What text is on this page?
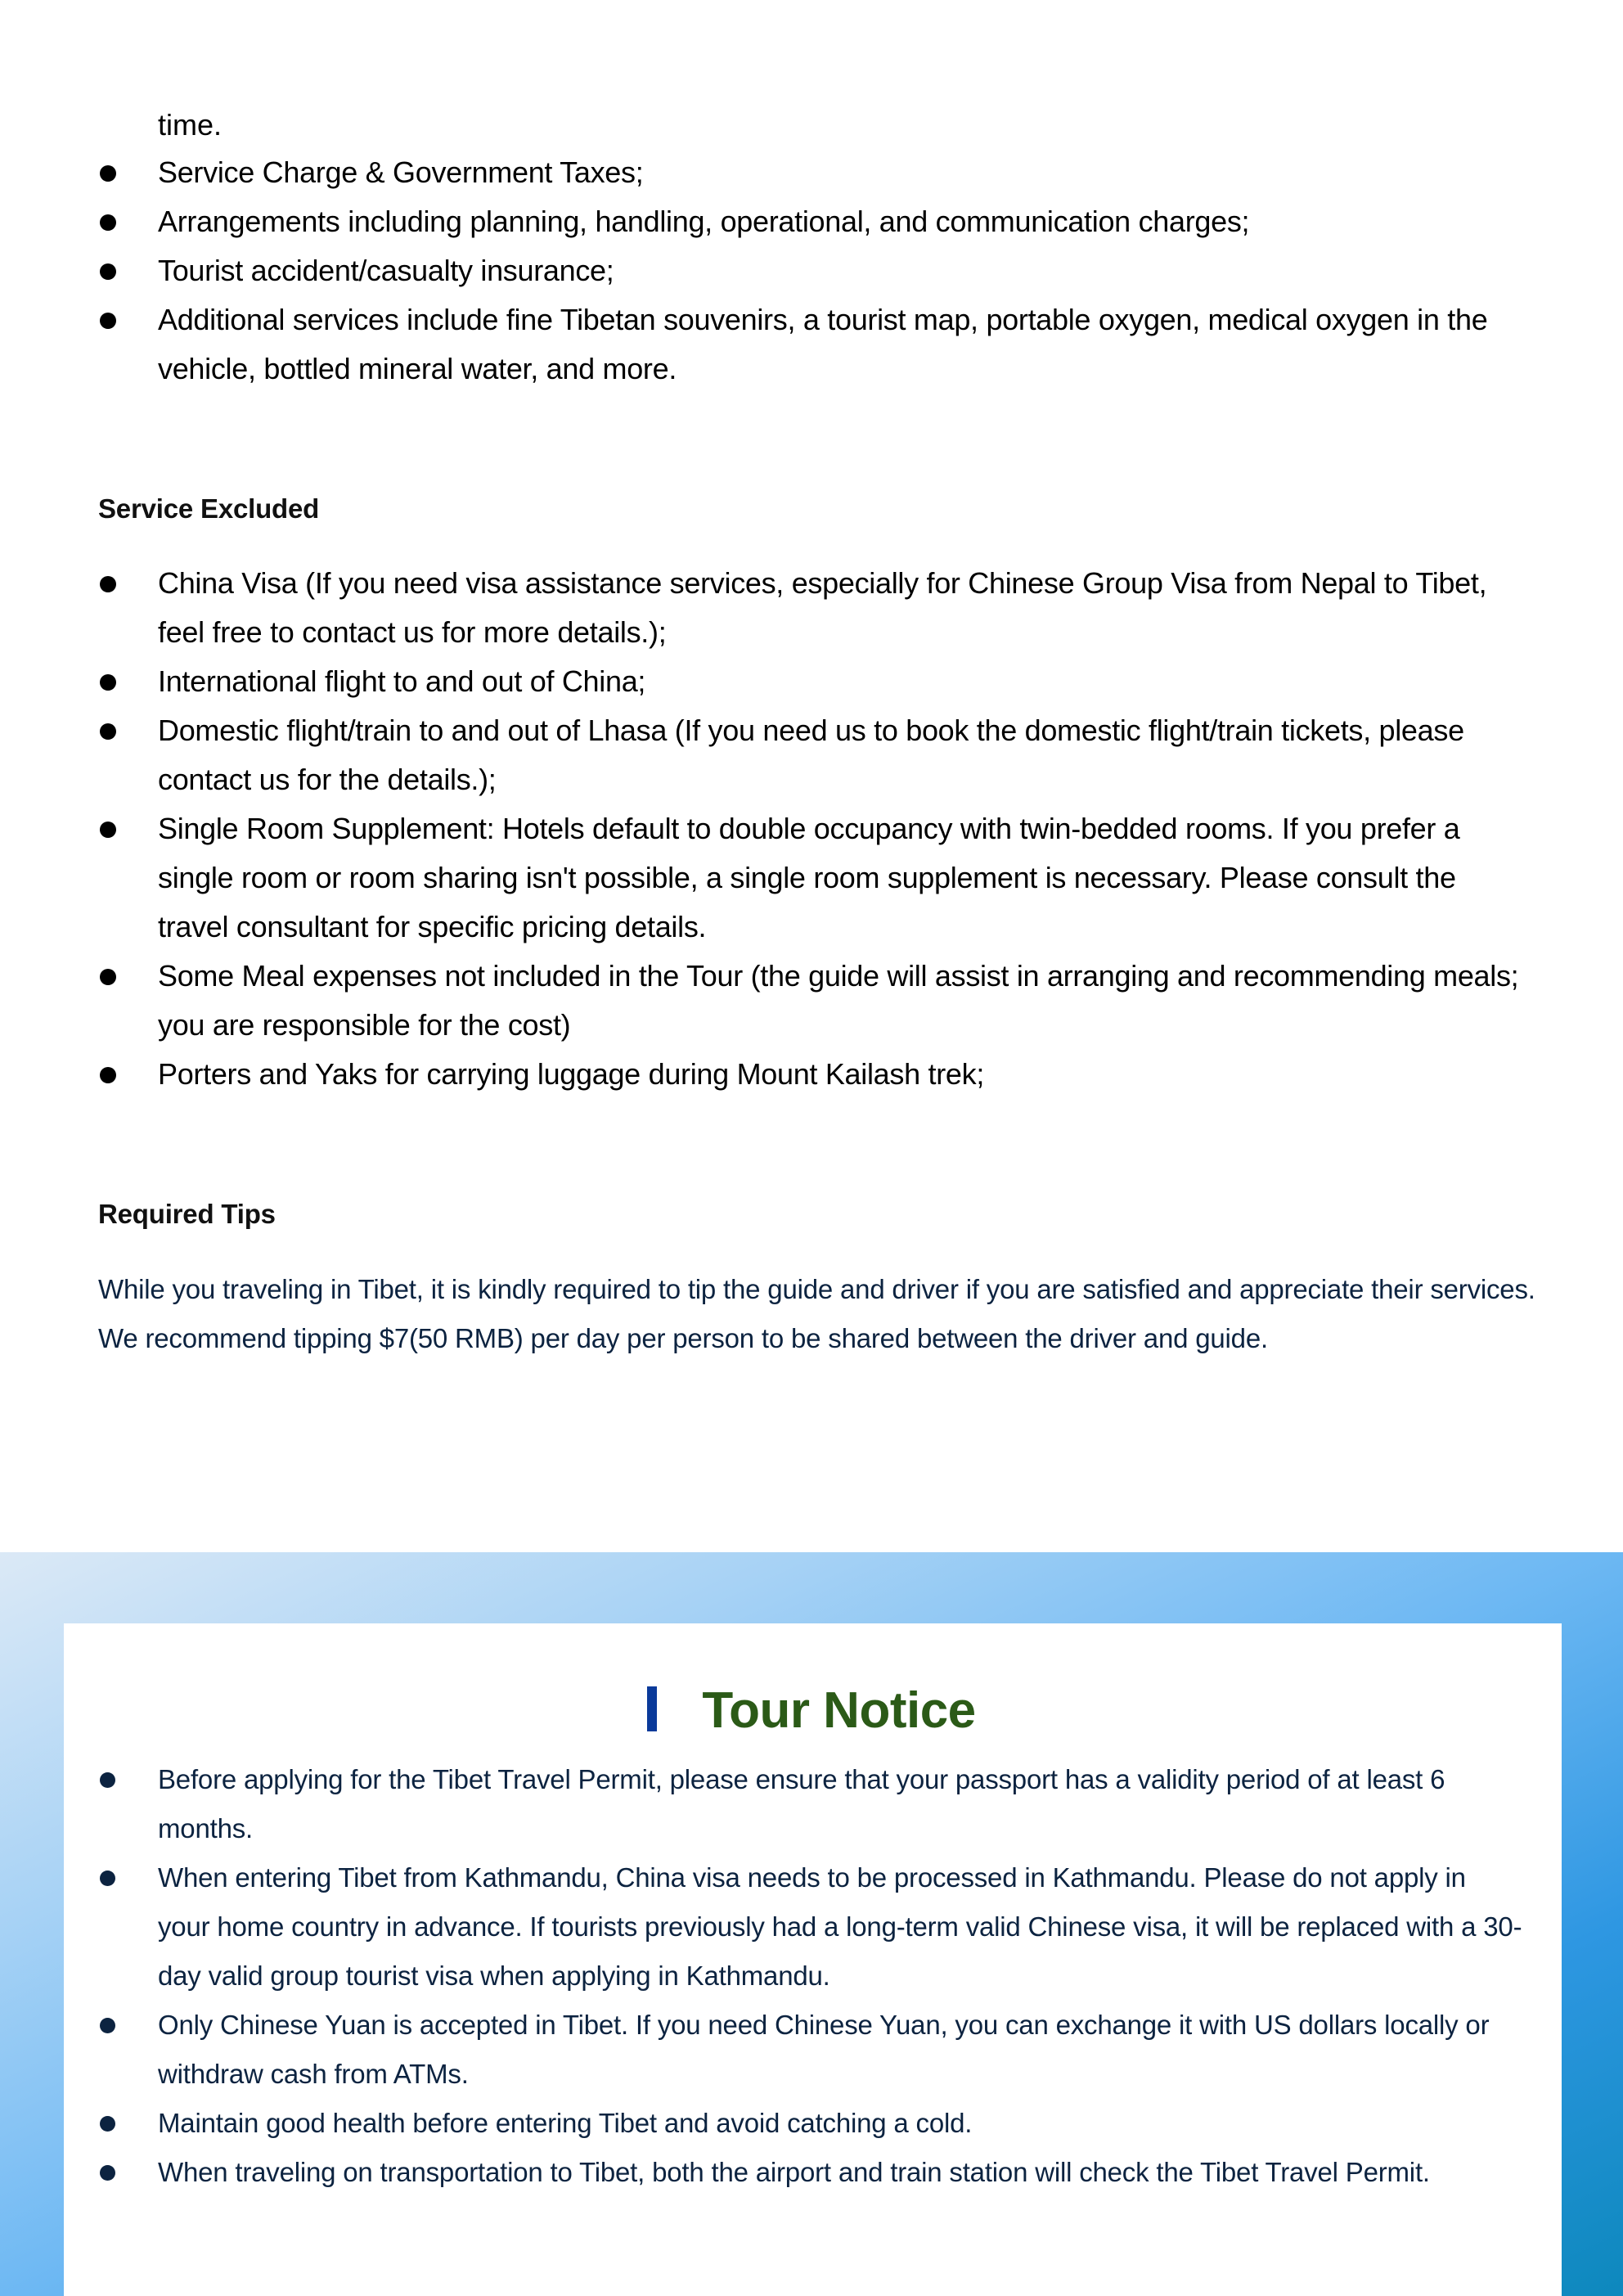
time.
Service Charge & Government Taxes;
Arrangements including planning, handling, operational, and communication charges;
Tourist accident/casualty insurance;
Additional services include fine Tibetan souvenirs, a tourist map, portable oxygen, medical oxygen in the vehicle, bottled mineral water, and more.
Service Excluded
China Visa (If you need visa assistance services, especially for Chinese Group Visa from Nepal to Tibet, feel free to contact us for more details.);
International flight to and out of China;
Domestic flight/train to and out of Lhasa (If you need us to book the domestic flight/train tickets, please contact us for the details.);
Single Room Supplement: Hotels default to double occupancy with twin-bedded rooms. If you prefer a single room or room sharing isn't possible, a single room supplement is necessary. Please consult the travel consultant for specific pricing details.
Some Meal expenses not included in the Tour (the guide will assist in arranging and recommending meals; you are responsible for the cost)
Porters and Yaks for carrying luggage during Mount Kailash trek;
Required Tips

While you traveling in Tibet, it is kindly required to tip the guide and driver if you are satisfied and appreciate their services. We recommend tipping $7(50 RMB) per day per person to be shared between the driver and guide.

Tour Notice
Before applying for the Tibet Travel Permit, please ensure that your passport has a validity period of at least 6 months.
When entering Tibet from Kathmandu, China visa needs to be processed in Kathmandu. Please do not apply in your home country in advance. If tourists previously had a long-term valid Chinese visa, it will be replaced with a 30-day valid group tourist visa when applying in Kathmandu.
Only Chinese Yuan is accepted in Tibet. If you need Chinese Yuan, you can exchange it with US dollars locally or withdraw cash from ATMs.
Maintain good health before entering Tibet and avoid catching a cold.
When traveling on transportation to Tibet, both the airport and train station will check the Tibet Travel Permit.
